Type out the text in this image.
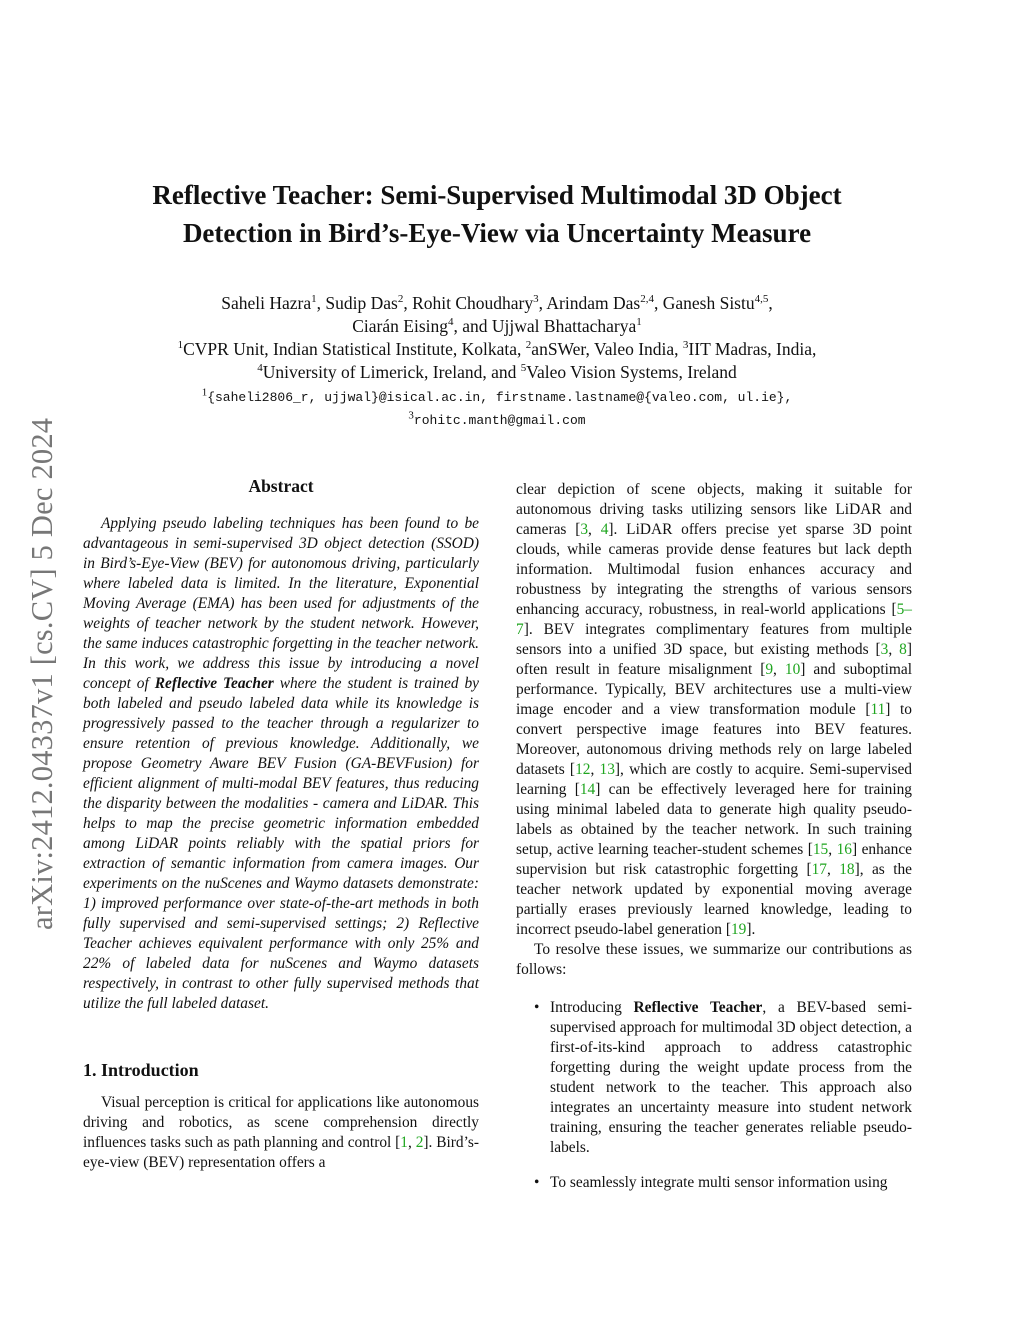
arXiv:2412.04337v1 [cs.CV] 5 Dec 2024
Reflective Teacher: Semi-Supervised Multimodal 3D Object
Detection in Bird’s-Eye-View via Uncertainty Measure
Saheli Hazra$^1$, Sudip Das$^2$, Rohit Choudhary$^3$, Arindam Das$^{2,4}$, Ganesh Sistu$^{4,5}$,
Ciarán Eising$^4$, and Ujjwal Bhattacharya$^1$
$^1$CVPR Unit, Indian Statistical Institute, Kolkata, $^2$anSWer, Valeo India, $^3$IIT Madras, India,
$^4$University of Limerick, Ireland, and $^5$Valeo Vision Systems, Ireland
$^1${saheli2806_r, ujjwal}@isical.ac.in, firstname.lastname@{valeo.com, ul.ie},
$^3$rohitc.manth@gmail.com
Abstract
Applying pseudo labeling techniques has been found to be advantageous in semi-supervised 3D object detection (SSOD) in Bird’s-Eye-View (BEV) for autonomous driving, particularly where labeled data is limited. In the literature, Exponential Moving Average (EMA) has been used for adjustments of the weights of teacher network by the student network. However, the same induces catastrophic forgetting in the teacher network. In this work, we address this issue by introducing a novel concept of Reflective Teacher where the student is trained by both labeled and pseudo labeled data while its knowledge is progressively passed to the teacher through a regularizer to ensure retention of previous knowledge. Additionally, we propose Geometry Aware BEV Fusion (GA-BEVFusion) for efficient alignment of multi-modal BEV features, thus reducing the disparity between the modalities - camera and LiDAR. This helps to map the precise geometric information embedded among LiDAR points reliably with the spatial priors for extraction of semantic information from camera images. Our experiments on the nuScenes and Waymo datasets demonstrate: 1) improved performance over state-of-the-art methods in both fully supervised and semi-supervised settings; 2) Reflective Teacher achieves equivalent performance with only 25% and 22% of labeled data for nuScenes and Waymo datasets respectively, in contrast to other fully supervised methods that utilize the full labeled dataset.
1. Introduction
Visual perception is critical for applications like autonomous driving and robotics, as scene comprehension directly influences tasks such as path planning and control [1, 2]. Bird’s-eye-view (BEV) representation offers a
clear depiction of scene objects, making it suitable for autonomous driving tasks utilizing sensors like LiDAR and cameras [3, 4]. LiDAR offers precise yet sparse 3D point clouds, while cameras provide dense features but lack depth information. Multimodal fusion enhances accuracy and robustness by integrating the strengths of various sensors enhancing accuracy, robustness, in real-world applications [5–7]. BEV integrates complimentary features from multiple sensors into a unified 3D space, but existing methods [3, 8] often result in feature misalignment [9, 10] and suboptimal performance. Typically, BEV architectures use a multi-view image encoder and a view transformation module [11] to convert perspective image features into BEV features. Moreover, autonomous driving methods rely on large labeled datasets [12, 13], which are costly to acquire. Semi-supervised learning [14] can be effectively leveraged here for training using minimal labeled data to generate high quality pseudo-labels as obtained by the teacher network. In such training setup, active learning teacher-student schemes [15, 16] enhance supervision but risk catastrophic forgetting [17, 18], as the teacher network updated by exponential moving average partially erases previously learned knowledge, leading to incorrect pseudo-label generation [19].
To resolve these issues, we summarize our contributions as follows:
• Introducing Reflective Teacher, a BEV-based semi-supervised approach for multimodal 3D object detection, a first-of-its-kind approach to address catastrophic forgetting during the weight update process from the student network to the teacher. This approach also integrates an uncertainty measure into student network training, ensuring the teacher generates reliable pseudo-labels.
• To seamlessly integrate multi sensor information using
